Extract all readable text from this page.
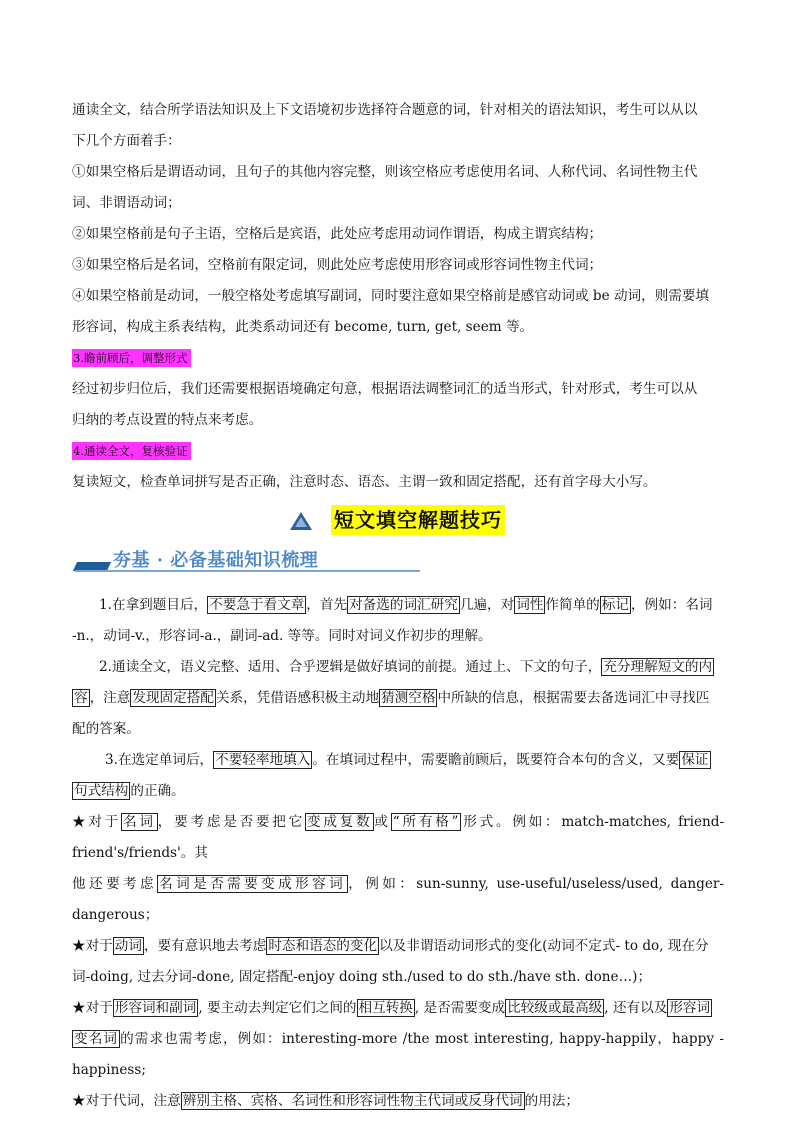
通读全文，结合所学语法知识及上下文语境初步选择符合题意的词，针对相关的语法知识，考生可以从以

下几个方面着手：

①如果空格后是谓语动词，且句子的其他内容完整，则该空格应考虑使用名词、人称代词、名词性物主代

词、非谓语动词；

②如果空格前是句子主语，空格后是宾语，此处应考虑用动词作谓语，构成主谓宾结构；

③如果空格后是名词，空格前有限定词，则此处应考虑使用形容词或形容词性物主代词；

④如果空格前是动词，一般空格处考虑填写副词，同时要注意如果空格前是感官动词或 be 动词，则需要填

形容词，构成主系表结构，此类系动词还有 become, turn, get, seem 等。

3.瞻前顾后，调整形式

经过初步归位后，我们还需要根据语境确定句意，根据语法调整词汇的适当形式，针对形式，考生可以从

归纳的考点设置的特点来考虑。

4.通读全文，复核验证

复读短文，检查单词拼写是否正确，注意时态、语态、主谓一致和固定搭配，还有首字母大小写。

短文填空解题技巧
夯基 · 必备基础知识梳理

1.在拿到题目后， 不要急于看文章 ，首先 对备选的词汇研究 几遍，对 词性 作简单的 标记 ，例如：名词

-n.，动词-v.，形容词-a.，副词-ad. 等等。同时对词义作初步的理解。

2.通读全文，语义完整、适用、合乎逻辑是做好填词的前提。通过上、下文的句子， 充分理解短文的内

容 ，注意 发现固定搭配 关系，凭借语感积极主动地 猜测空格 中所缺的信息，根据需要去备选词汇中寻找匹

配的答案。

3.在选定单词后， 不要轻率地填入 。在填词过程中，需要瞻前顾后，既要符合本句的含义，又要 保证

句式结构 的正确。

★对于 名词 ，要考虑是否要把它 变成复数 或 “所有格” 形式。例如：match-matches, friend-friend's/friends'。其

他还要考虑 名词是否需要变成形容词 ，例如：sun-sunny, use-useful/useless/used, danger-dangerous；

★对于 动词 ，要有意识地去考虑 时态和语态的变化 以及非谓语动词形式的变化(动词不定式- to do, 现在分

词-doing, 过去分词-done, 固定搭配-enjoy doing sth./used to do sth./have sth. done…)；

★对于 形容词和副词 , 要主动去判定它们之间的 相互转换 , 是否需要变成 比较级或最高级 , 还有以及 形容词

变名词 的需求也需考虑，例如：interesting-more /the most interesting, happy-happily，happy -happiness;

★对于代词，注意 辨别主格、宾格、名词性和形容词性物主代词或反身代词 的用法；
